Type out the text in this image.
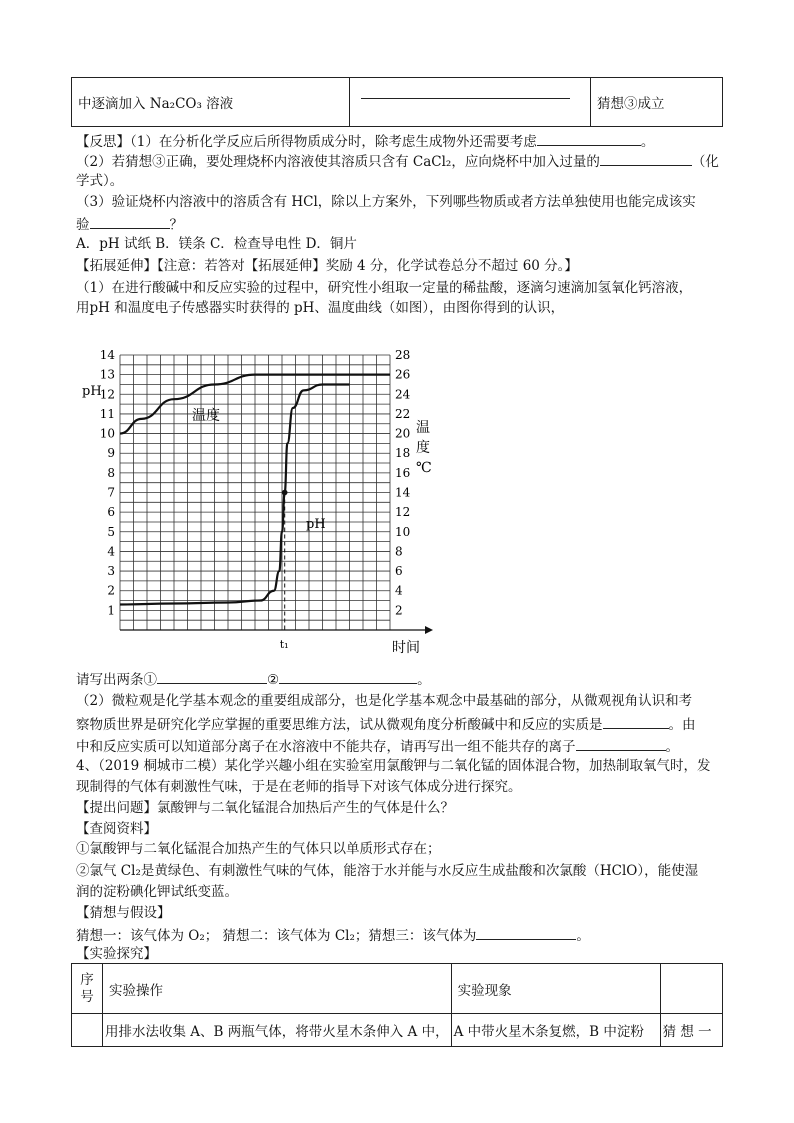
中逐滴加入 Na₂CO₃ 溶液		猜想③成立
【反思】（1）在分析化学反应后所得物质成分时，除考虑生成物外还需要考虑	。
（2）若猜想③正确，要处理烧杯内溶液使其溶质只含有 CaCl₂，应向烧杯中加入过量的	（化
学式）。
（3）验证烧杯内溶液中的溶质含有 HCl，除以上方案外，下列哪些物质或者方法单独使用也能完成该实
验	？
A．pH 试纸 B．镁条 C．检查导电性 D．铜片
【拓展延伸】【注意：若答对【拓展延伸】奖励 4 分，化学试卷总分不超过 60 分。】
（1）在进行酸碱中和反应实验的过程中，研究性小组取一定量的稀盐酸，逐滴匀速滴加氢氧化钙溶液，
用pH 和温度电子传感器实时获得的 pH、温度曲线（如图），由图你得到的认识，
1
2
3
4
5
6
7
8
9
10
11
12
13
14
2
4
6
8
10
12
14
16
18
20
22
24
26
28
pH
温度
pH
温
度
℃
t₁	时间
请写出两条①	②	。
（2）微粒观是化学基本观念的重要组成部分，也是化学基本观念中最基础的部分，从微观视角认识和考
察物质世界是研究化学应掌握的重要思维方法，试从微观角度分析酸碱中和反应的实质是	。由
中和反应实质可以知道部分离子在水溶液中不能共存，请再写出一组不能共存的离子	。
4、（2019 桐城市二模）某化学兴趣小组在实验室用氯酸钾与二氧化锰的固体混合物，加热制取氧气时，发
现制得的气体有刺激性气味，于是在老师的指导下对该气体成分进行探究。
【提出问题】氯酸钾与二氧化锰混合加热后产生的气体是什么？
【查阅资料】
①氯酸钾与二氧化锰混合加热产生的气体只以单质形式存在；
②氯气 Cl₂是黄绿色、有刺激性气味的气体，能溶于水并能与水反应生成盐酸和次氯酸（HClO），能使湿
润的淀粉碘化钾试纸变蓝。
【猜想与假设】
猜想一：该气体为 O₂； 猜想二：该气体为 Cl₂；猜想三：该气体为	。
【实验探究】
序号	实验操作	实验现象	
	用排水法收集 A、B 两瓶气体，将带火星木条伸入 A 中，	A 中带火星木条复燃，B 中淀粉	猜 想 一
